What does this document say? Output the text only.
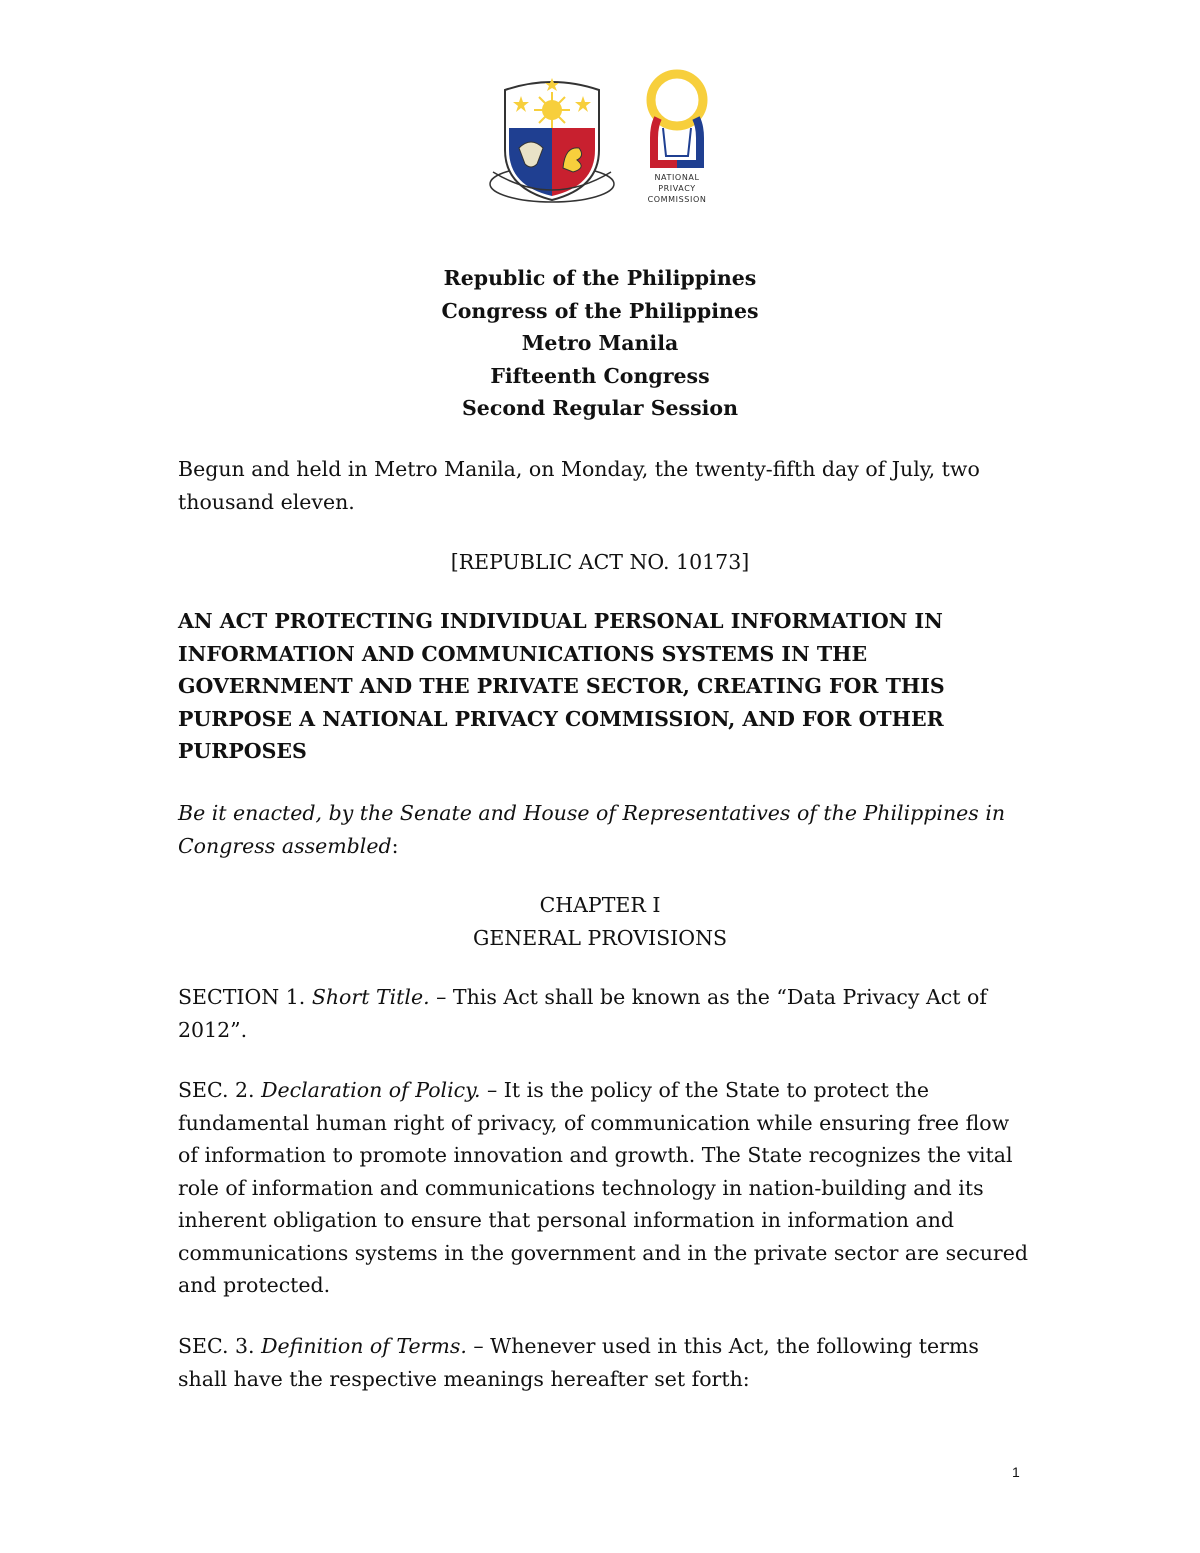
NATIONAL
PRIVACY
COMMISSION
Republic of the Philippines
Congress of the Philippines
Metro Manila
Fifteenth Congress
Second Regular Session
Begun and held in Metro Manila, on Monday, the twenty-fifth day of July, two thousand eleven.
[REPUBLIC ACT NO. 10173]
AN ACT PROTECTING INDIVIDUAL PERSONAL INFORMATION IN INFORMATION AND COMMUNICATIONS SYSTEMS IN THE GOVERNMENT AND THE PRIVATE SECTOR, CREATING FOR THIS PURPOSE A NATIONAL PRIVACY COMMISSION, AND FOR OTHER PURPOSES
Be it enacted, by the Senate and House of Representatives of the Philippines in Congress assembled:
CHAPTER I
GENERAL PROVISIONS
SECTION 1. Short Title. – This Act shall be known as the “Data Privacy Act of 2012”.
SEC. 2. Declaration of Policy. – It is the policy of the State to protect the fundamental human right of privacy, of communication while ensuring free flow of information to promote innovation and growth. The State recognizes the vital role of information and communications technology in nation-building and its inherent obligation to ensure that personal information in information and communications systems in the government and in the private sector are secured and protected.
SEC. 3. Definition of Terms. – Whenever used in this Act, the following terms shall have the respective meanings hereafter set forth:
1
